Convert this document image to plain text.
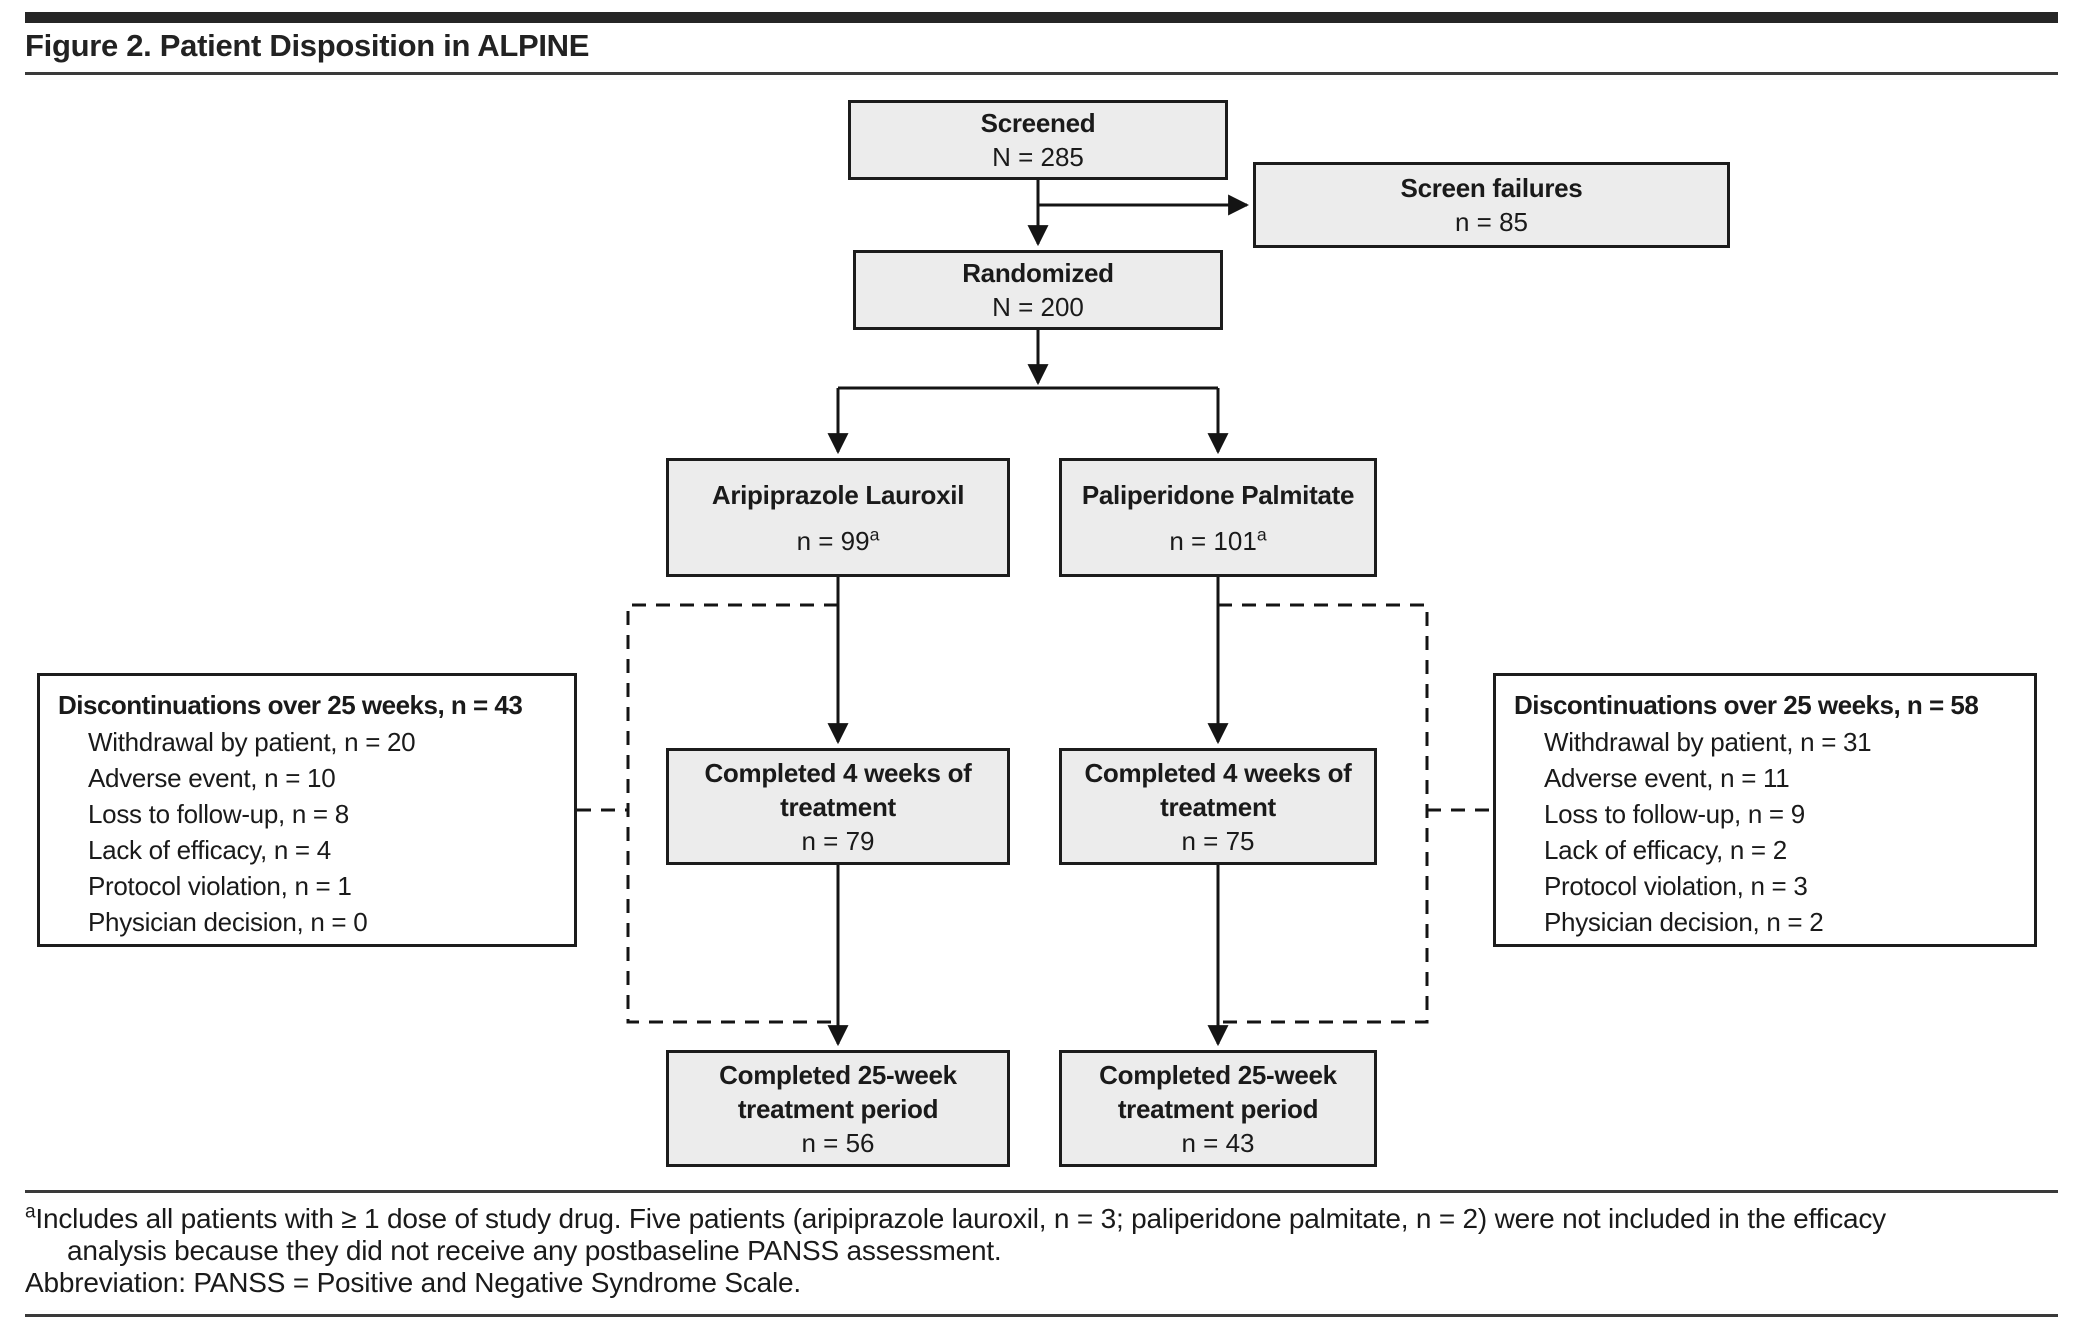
Figure 2. Patient Disposition in ALPINE
Screened
N = 285
Screen failures
n = 85
Randomized
N = 200
Aripiprazole Lauroxil
$n = 99^a$
Paliperidone Palmitate
$n = 101^a$
Completed 4 weeks of treatment
n = 79
Completed 4 weeks of treatment
n = 75
Completed 25-week treatment period
n = 56
Completed 25-week treatment period
n = 43
Discontinuations over 25 weeks, n = 43
Withdrawal by patient, n = 20
Adverse event, n = 10
Loss to follow-up, n = 8
Lack of efficacy, n = 4
Protocol violation, n = 1
Physician decision, n = 0
Discontinuations over 25 weeks, n = 58
Withdrawal by patient, n = 31
Adverse event, n = 11
Loss to follow-up, n = 9
Lack of efficacy, n = 2
Protocol violation, n = 3
Physician decision, n = 2
$^a$Includes all patients with ≥ 1 dose of study drug. Five patients (aripiprazole lauroxil, n = 3; paliperidone palmitate, n = 2) were not included in the efficacy
analysis because they did not receive any postbaseline PANSS assessment.
Abbreviation: PANSS = Positive and Negative Syndrome Scale.
